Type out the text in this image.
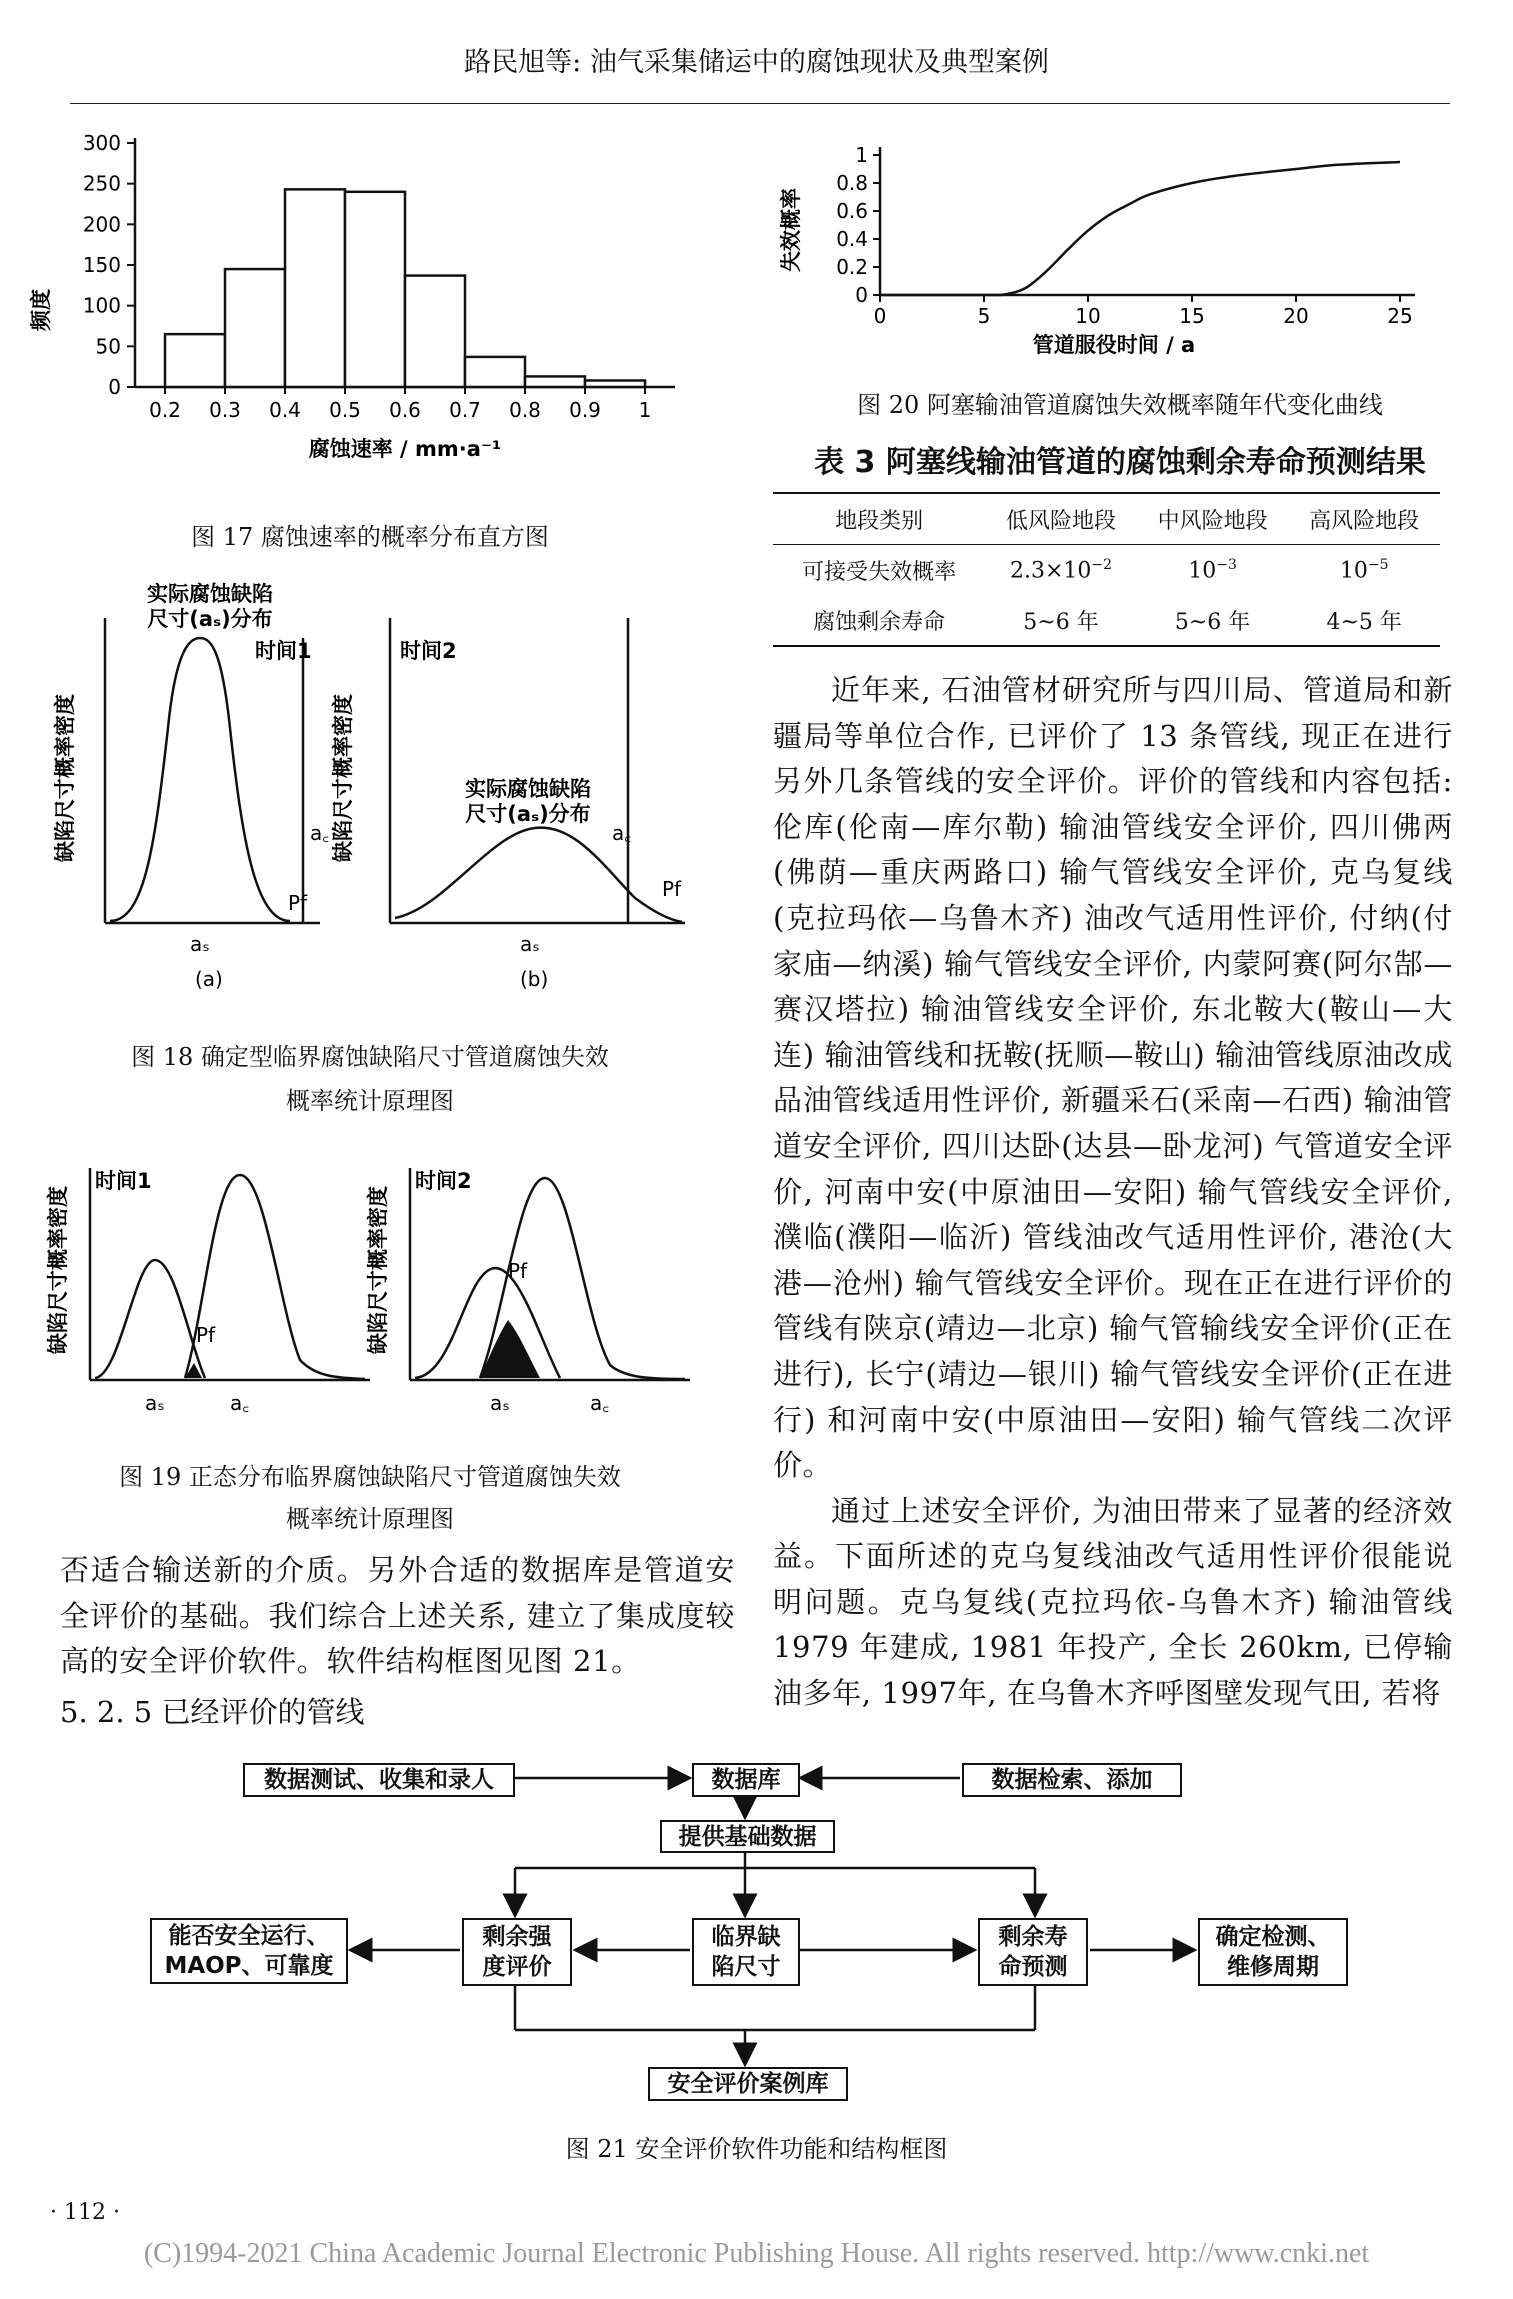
路民旭等: 油气采集储运中的腐蚀现状及典型案例
0
50
100
150
200
250
300
0.2 0.3 0.4 0.5 0.6 0.7 0.8 0.9 1
频度
腐蚀速率 / mm·a⁻¹
图 17 腐蚀速率的概率分布直方图
缺陷尺寸概率密度
实际腐蚀缺陷
尺寸(aₛ)分布
时间1
a꜀
Pf
aₛ
(a)
缺陷尺寸概率密度
时间2
实际腐蚀缺陷
尺寸(aₛ)分布
a꜀
Pf
aₛ
(b)
图 18 确定型临界腐蚀缺陷尺寸管道腐蚀失效
概率统计原理图
缺陷尺寸概率密度
时间1
Pf
aₛ	a꜀
缺陷尺寸概率密度
时间2
Pf
aₛ	a꜀
图 19 正态分布临界腐蚀缺陷尺寸管道腐蚀失效
概率统计原理图

否适合输送新的介质。另外合适的数据库是管道安全评价的基础。我们综合上述关系, 建立了集成度较高的安全评价软件。软件结构框图见图 21。

5. 2. 5 已经评价的管线
0
0.2
0.4
0.6
0.8
1
0	5	10	15	20	25
失效概率
管道服役时间 / a
图 20 阿塞输油管道腐蚀失效概率随年代变化曲线
表 3 阿塞线输油管道的腐蚀剩余寿命预测结果
地段类别	低风险地段	中风险地段	高风险地段
可接受失效概率	$2.3\times 10^{-2}$	$10^{-3}$	$10^{-5}$
腐蚀剩余寿命	5~6 年	5~6 年	4~5 年

近年来, 石油管材研究所与四川局、管道局和新疆局等单位合作, 已评价了 13 条管线, 现正在进行另外几条管线的安全评价。评价的管线和内容包括: 伦库(伦南—库尔勒) 输油管线安全评价, 四川佛两(佛荫—重庆两路口) 输气管线安全评价, 克乌复线(克拉玛依—乌鲁木齐) 油改气适用性评价, 付纳(付家庙—纳溪) 输气管线安全评价, 内蒙阿赛(阿尔郜—赛汉塔拉) 输油管线安全评价, 东北鞍大(鞍山—大连) 输油管线和抚鞍(抚顺—鞍山) 输油管线原油改成品油管线适用性评价, 新疆采石(采南—石西) 输油管道安全评价, 四川达卧(达县—卧龙河) 气管道安全评价, 河南中安(中原油田—安阳) 输气管线安全评价, 濮临(濮阳—临沂) 管线油改气适用性评价, 港沧(大港—沧州) 输气管线安全评价。现在正在进行评价的管线有陕京(靖边—北京) 输气管输线安全评价(正在进行), 长宁(靖边—银川) 输气管线安全评价(正在进行) 和河南中安(中原油田—安阳) 输气管线二次评价。

通过上述安全评价, 为油田带来了显著的经济效益。下面所述的克乌复线油改气适用性评价很能说明问题。克乌复线(克拉玛依-乌鲁木齐) 输油管线 1979 年建成, 1981 年投产, 全长 260km, 已停输油多年, 1997年, 在乌鲁木齐呼图壁发现气田, 若将

数据测试、收集和录人	数据库	数据检索、添加
提供基础数据
能否安全运行、
MAOP、可靠度
剩余强
度评价
临界缺
陷尺寸
剩余寿
命预测
确定检测、
维修周期
安全评价案例库
图 21 安全评价软件功能和结构框图
· 112 ·
(C)1994-2021 China Academic Journal Electronic Publishing House. All rights reserved. http://www.cnki.net
